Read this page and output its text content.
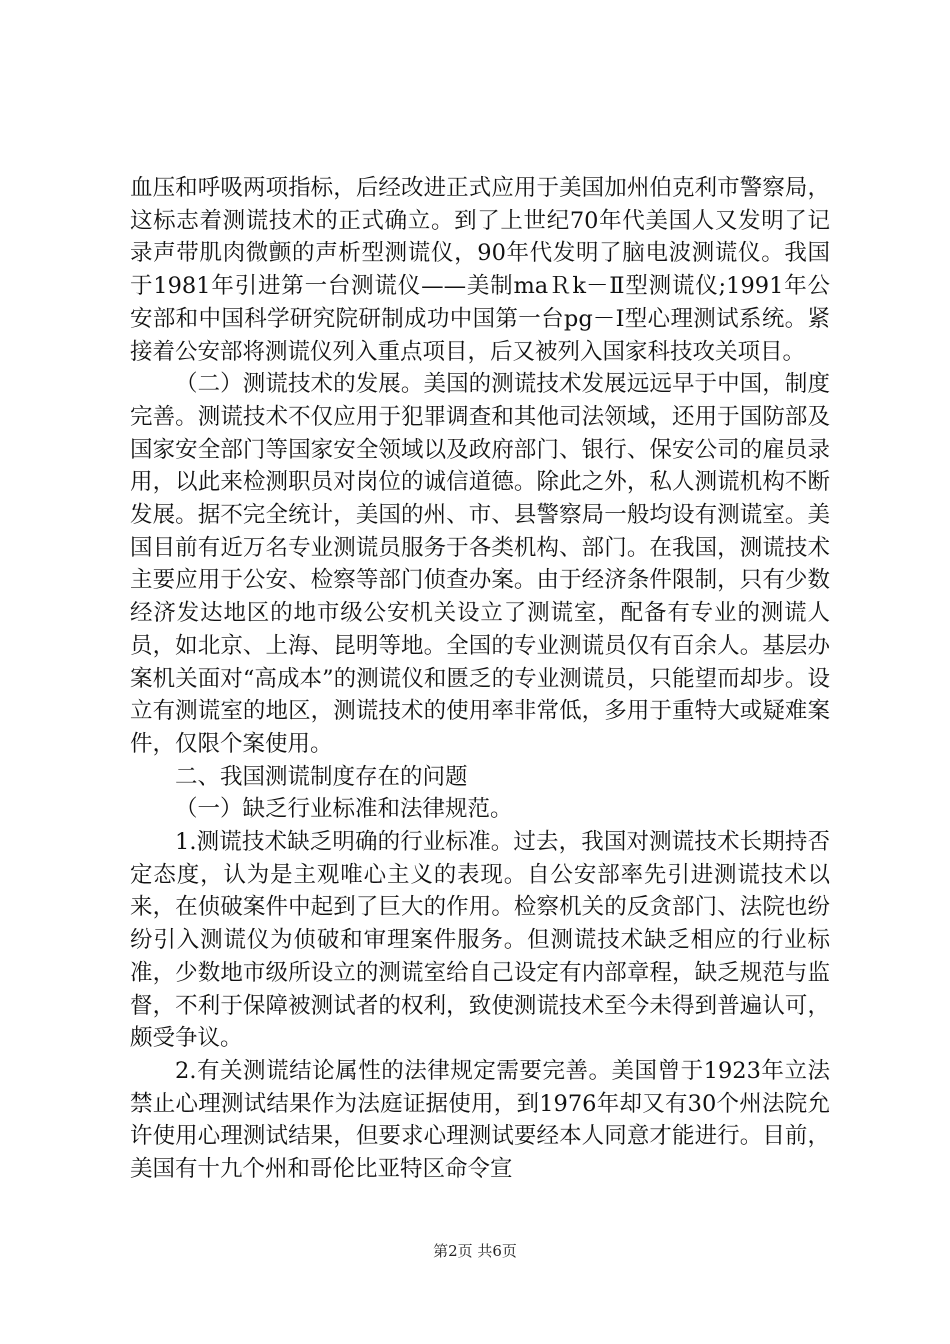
血压和呼吸两项指标，后经改进正式应用于美国加州伯克利市警察局，这标志着测谎技术的正式确立。到了上世纪70年代美国人又发明了记录声带肌肉微颤的声析型测谎仪，90年代发明了脑电波测谎仪。我国于1981年引进第一台测谎仪——美制maＲk－Ⅱ型测谎仪;1991年公安部和中国科学研究院研制成功中国第一台pg－Ⅰ型心理测试系统。紧接着公安部将测谎仪列入重点项目，后又被列入国家科技攻关项目。

（二）测谎技术的发展。美国的测谎技术发展远远早于中国，制度完善。测谎技术不仅应用于犯罪调查和其他司法领域，还用于国防部及国家安全部门等国家安全领域以及政府部门、银行、保安公司的雇员录用，以此来检测职员对岗位的诚信道德。除此之外，私人测谎机构不断发展。据不完全统计，美国的州、市、县警察局一般均设有测谎室。美国目前有近万名专业测谎员服务于各类机构、部门。在我国，测谎技术主要应用于公安、检察等部门侦查办案。由于经济条件限制，只有少数经济发达地区的地市级公安机关设立了测谎室，配备有专业的测谎人员，如北京、上海、昆明等地。全国的专业测谎员仅有百余人。基层办案机关面对“高成本”的测谎仪和匮乏的专业测谎员，只能望而却步。设立有测谎室的地区，测谎技术的使用率非常低，多用于重特大或疑难案件，仅限个案使用。

二、我国测谎制度存在的问题

（一）缺乏行业标准和法律规范。

1.测谎技术缺乏明确的行业标准。过去，我国对测谎技术长期持否定态度，认为是主观唯心主义的表现。自公安部率先引进测谎技术以来，在侦破案件中起到了巨大的作用。检察机关的反贪部门、法院也纷纷引入测谎仪为侦破和审理案件服务。但测谎技术缺乏相应的行业标准，少数地市级所设立的测谎室给自己设定有内部章程，缺乏规范与监督，不利于保障被测试者的权利，致使测谎技术至今未得到普遍认可，颇受争议。

2.有关测谎结论属性的法律规定需要完善。美国曾于1923年立法禁止心理测试结果作为法庭证据使用，到1976年却又有30个州法院允许使用心理测试结果，但要求心理测试要经本人同意才能进行。目前，美国有十九个州和哥伦比亚特区命令宣

第2页 共6页
